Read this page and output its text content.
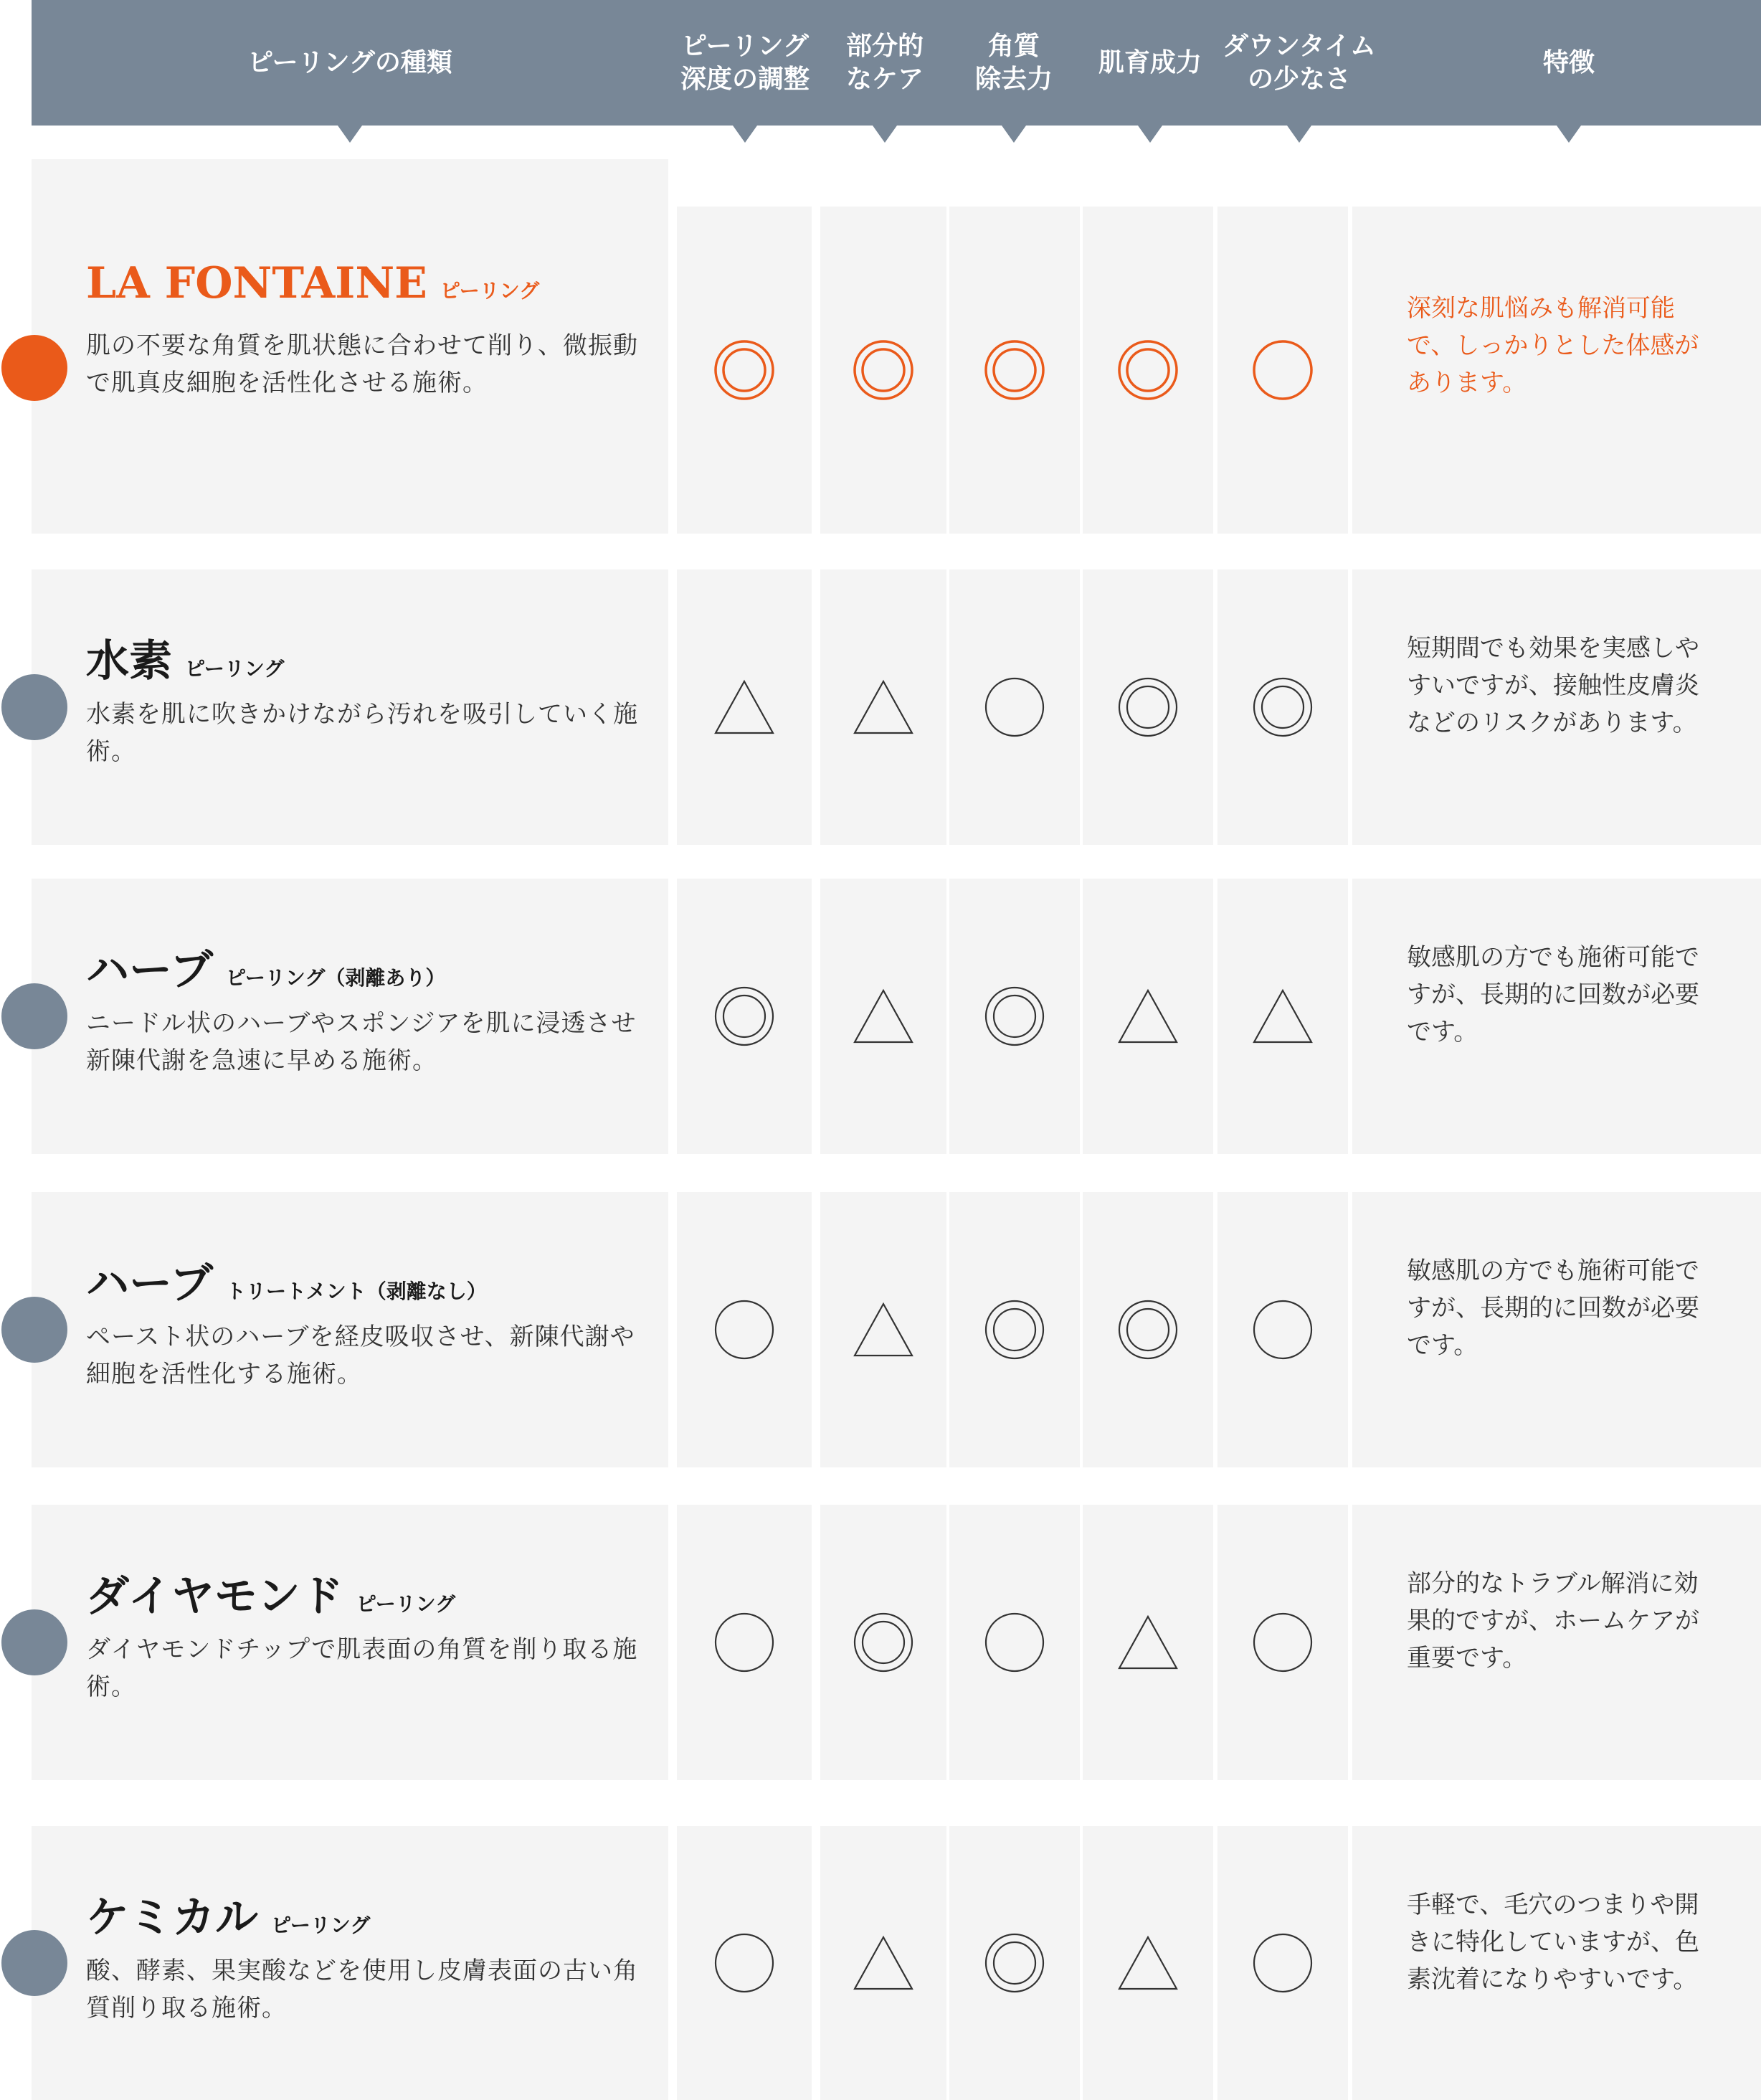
ピーリングの種類
ピーリング
深度の調整
部分的
なケア
角質
除去力
肌育成力
ダウンタイム
の少なさ
特徴
LA FONTAINE ピーリング
肌の不要な角質を肌状態に合わせて削り、微振動で肌真皮細胞を活性化させる施術。
深刻な肌悩みも解消可能で、しっかりとした体感があります。
水素 ピーリング
水素を肌に吹きかけながら汚れを吸引していく施術。
短期間でも効果を実感しやすいですが、接触性皮膚炎などのリスクがあります。
ハーブ ピーリング（剥離あり）
ニードル状のハーブやスポンジアを肌に浸透させ新陳代謝を急速に早める施術。
敏感肌の方でも施術可能ですが、長期的に回数が必要です。
ハーブ トリートメント（剥離なし）
ペースト状のハーブを経皮吸収させ、新陳代謝や細胞を活性化する施術。
敏感肌の方でも施術可能ですが、長期的に回数が必要です。
ダイヤモンド ピーリング
ダイヤモンドチップで肌表面の角質を削り取る施術。
部分的なトラブル解消に効果的ですが、ホームケアが重要です。
ケミカル ピーリング
酸、酵素、果実酸などを使用し皮膚表面の古い角質削り取る施術。
手軽で、毛穴のつまりや開きに特化していますが、色素沈着になりやすいです。
